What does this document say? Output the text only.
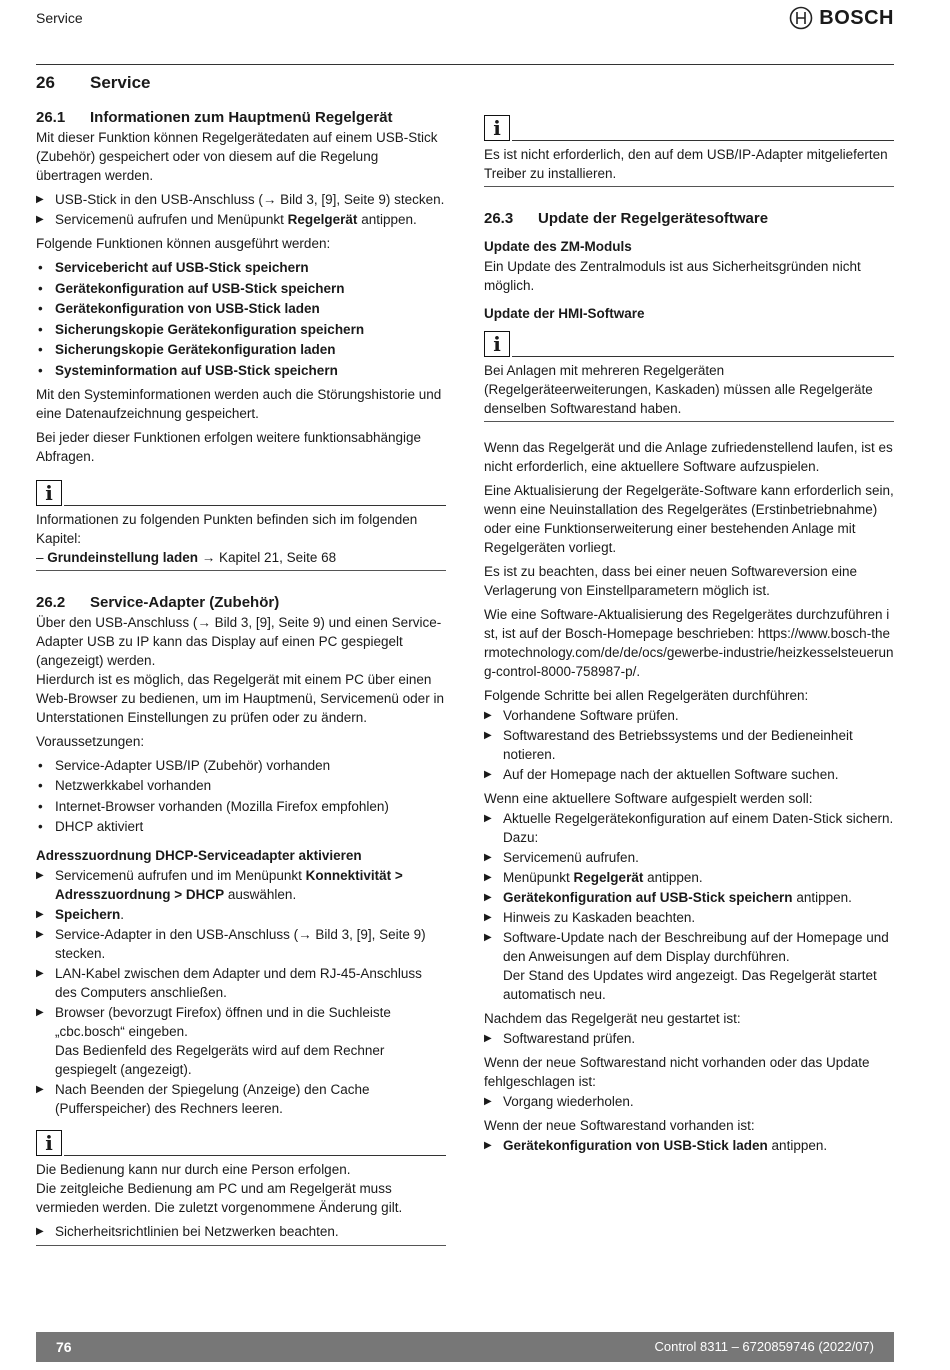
Service	BOSCH
26 Service
26.1 Informationen zum Hauptmenü Regelgerät

Mit dieser Funktion können Regelgerätedaten auf einem USB-Stick (Zubehör) gespeichert oder von diesem auf die Regelung übertragen werden.

▶ USB-Stick in den USB-Anschluss (→ Bild 3, [9], Seite 9) stecken.
▶ Servicemenü aufrufen und Menüpunkt Regelgerät antippen.

Folgende Funktionen können ausgeführt werden:

• Servicebericht auf USB-Stick speichern
• Gerätekonfiguration auf USB-Stick speichern
• Gerätekonfiguration von USB-Stick laden
• Sicherungskopie Gerätekonfiguration speichern
• Sicherungskopie Gerätekonfiguration laden
• Systeminformation auf USB-Stick speichern

Mit den Systeminformationen werden auch die Störungshistorie und eine Datenaufzeichnung gespeichert.

Bei jeder dieser Funktionen erfolgen weitere funktionsabhängige Abfragen.

i
Informationen zu folgenden Punkten befinden sich im folgenden Kapitel:
– Grundeinstellung laden → Kapitel 21, Seite 68
26.2 Service-Adapter (Zubehör)

Über den USB-Anschluss (→ Bild 3, [9], Seite 9) und einen Service-Adapter USB zu IP kann das Display auf einen PC gespiegelt (angezeigt) werden.

Hierdurch ist es möglich, das Regelgerät mit einem PC über einen Web-Browser zu bedienen, um im Hauptmenü, Servicemenü oder in Unterstationen Einstellungen zu prüfen oder zu ändern.

Voraussetzungen:

• Service-Adapter USB/IP (Zubehör) vorhanden
• Netzwerkkabel vorhanden
• Internet-Browser vorhanden (Mozilla Firefox empfohlen)
• DHCP aktiviert

Adresszuordnung DHCP-Serviceadapter aktivieren

▶ Servicemenü aufrufen und im Menüpunkt Konnektivität > Adresszuordnung > DHCP auswählen.
▶ Speichern.
▶ Service-Adapter in den USB-Anschluss (→ Bild 3, [9], Seite 9) stecken.
▶ LAN-Kabel zwischen dem Adapter und dem RJ-45-Anschluss des Computers anschließen.
▶ Browser (bevorzugt Firefox) öffnen und in die Suchleiste „cbc.bosch“ eingeben.
Das Bedienfeld des Regelgeräts wird auf dem Rechner gespiegelt (angezeigt).
▶ Nach Beenden der Spiegelung (Anzeige) den Cache (Pufferspeicher) des Rechners leeren.
i
Die Bedienung kann nur durch eine Person erfolgen.

Die zeitgleiche Bedienung am PC und am Regelgerät muss vermieden werden. Die zuletzt vorgenommene Änderung gilt.

▶ Sicherheitsrichtlinien bei Netzwerken beachten.
i
Es ist nicht erforderlich, den auf dem USB/IP-Adapter mitgelieferten Treiber zu installieren.
26.3 Update der Regelgerätesoftware

Update des ZM-Moduls

Ein Update des Zentralmoduls ist aus Sicherheitsgründen nicht möglich.

Update der HMI-Software

i
Bei Anlagen mit mehreren Regelgeräten (Regelgeräteerweiterungen, Kaskaden) müssen alle Regelgeräte denselben Softwarestand haben.

Wenn das Regelgerät und die Anlage zufriedenstellend laufen, ist es nicht erforderlich, eine aktuellere Software aufzuspielen.

Eine Aktualisierung der Regelgeräte-Software kann erforderlich sein, wenn eine Neuinstallation des Regelgerätes (Erstinbetriebnahme) oder eine Funktionserweiterung einer bestehenden Anlage mit Regelgeräten vorliegt.

Es ist zu beachten, dass bei einer neuen Softwareversion eine Verlagerung von Einstellparametern möglich ist.

Wie eine Software-Aktualisierung des Regelgerätes durchzuführen ist, ist auf der Bosch-Homepage beschrieben: https://www.bosch-thermotechnology.com/de/de/ocs/gewerbe-industrie/heizkesselsteuerung-control-8000-758987-p/.

Folgende Schritte bei allen Regelgeräten durchführen:

▶ Vorhandene Software prüfen.
▶ Softwarestand des Betriebssystems und der Bedieneinheit notieren.
▶ Auf der Homepage nach der aktuellen Software suchen.

Wenn eine aktuellere Software aufgespielt werden soll:

▶ Aktuelle Regelgerätekonfiguration auf einem Daten-Stick sichern. Dazu:
▶ Servicemenü aufrufen.
▶ Menüpunkt Regelgerät antippen.
▶ Gerätekonfiguration auf USB-Stick speichern antippen.
▶ Hinweis zu Kaskaden beachten.
▶ Software-Update nach der Beschreibung auf der Homepage und den Anweisungen auf dem Display durchführen.
Der Stand des Updates wird angezeigt. Das Regelgerät startet automatisch neu.

Nachdem das Regelgerät neu gestartet ist:

▶ Softwarestand prüfen.

Wenn der neue Softwarestand nicht vorhanden oder das Update fehlgeschlagen ist:

▶ Vorgang wiederholen.

Wenn der neue Softwarestand vorhanden ist:

▶ Gerätekonfiguration von USB-Stick laden antippen.
76	Control 8311 – 6720859746 (2022/07)
